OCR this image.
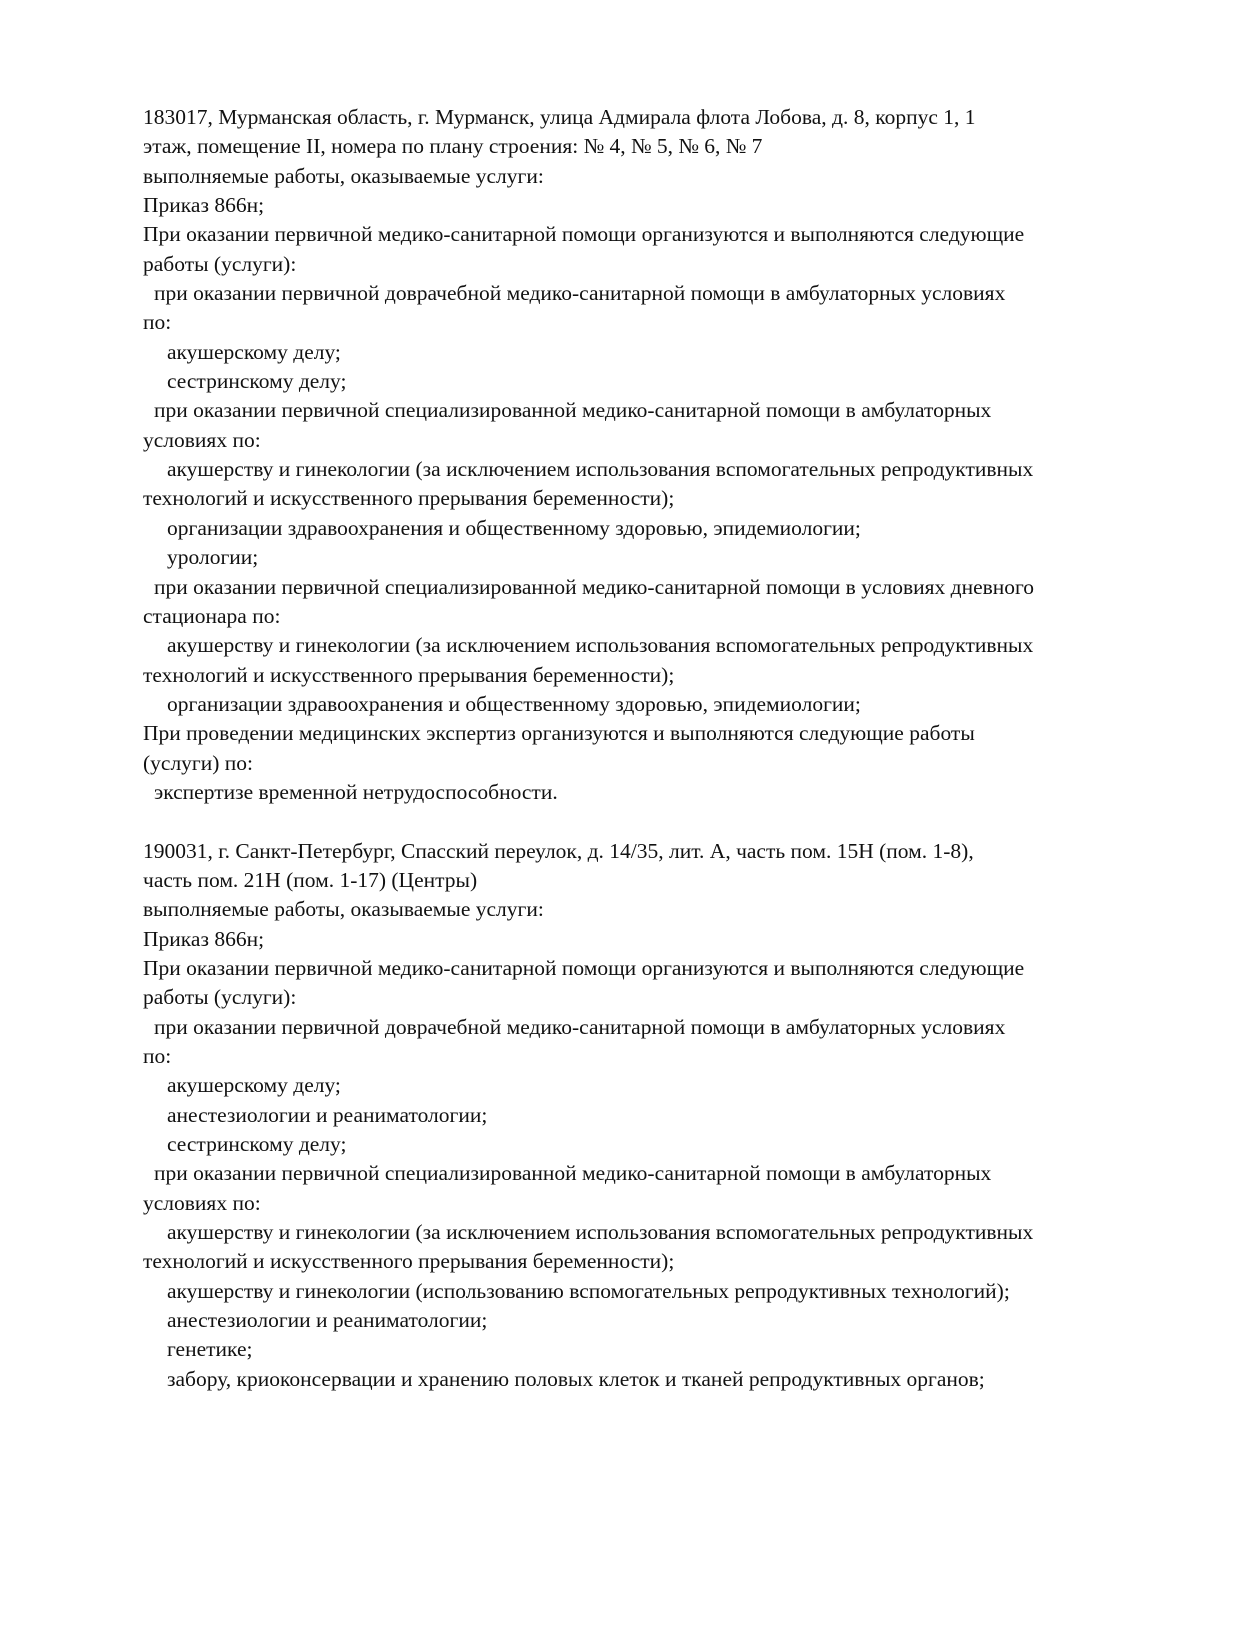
183017, Мурманская область, г. Мурманск, улица Адмирала флота Лобова, д. 8, корпус 1, 1
этаж, помещение II, номера по плану строения: № 4, № 5, № 6, № 7
выполняемые работы, оказываемые услуги:
Приказ 866н;
При оказании первичной медико-санитарной помощи организуются и выполняются следующие
работы (услуги):
при оказании первичной доврачебной медико-санитарной помощи в амбулаторных условиях
по:
акушерскому делу;
сестринскому делу;
при оказании первичной специализированной медико-санитарной помощи в амбулаторных
условиях по:
акушерству и гинекологии (за исключением использования вспомогательных репродуктивных
технологий и искусственного прерывания беременности);
организации здравоохранения и общественному здоровью, эпидемиологии;
урологии;
при оказании первичной специализированной медико-санитарной помощи в условиях дневного
стационара по:
акушерству и гинекологии (за исключением использования вспомогательных репродуктивных
технологий и искусственного прерывания беременности);
организации здравоохранения и общественному здоровью, эпидемиологии;
При проведении медицинских экспертиз организуются и выполняются следующие работы
(услуги) по:
экспертизе временной нетрудоспособности.
190031, г. Санкт-Петербург, Спасский переулок, д. 14/35, лит. А, часть пом. 15Н (пом. 1-8),
часть пом. 21Н (пом. 1-17) (Центры)
выполняемые работы, оказываемые услуги:
Приказ 866н;
При оказании первичной медико-санитарной помощи организуются и выполняются следующие
работы (услуги):
при оказании первичной доврачебной медико-санитарной помощи в амбулаторных условиях
по:
акушерскому делу;
анестезиологии и реаниматологии;
сестринскому делу;
при оказании первичной специализированной медико-санитарной помощи в амбулаторных
условиях по:
акушерству и гинекологии (за исключением использования вспомогательных репродуктивных
технологий и искусственного прерывания беременности);
акушерству и гинекологии (использованию вспомогательных репродуктивных технологий);
анестезиологии и реаниматологии;
генетике;
забору, криоконсервации и хранению половых клеток и тканей репродуктивных органов;
